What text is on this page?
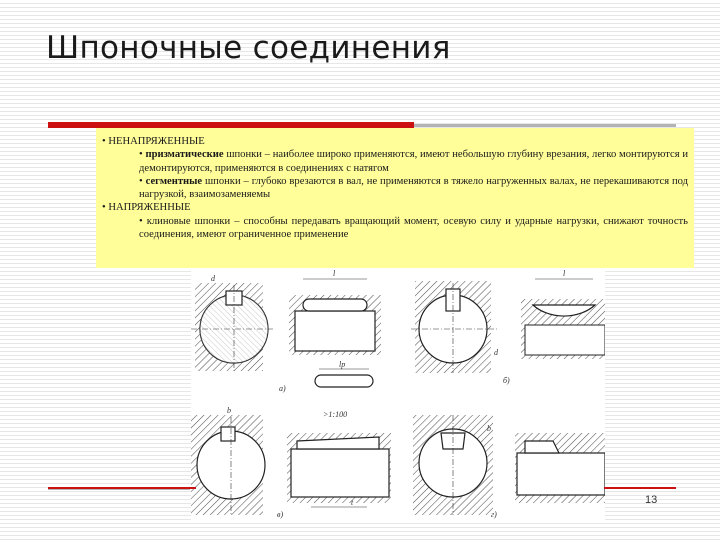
Шпоночные соединения
d
l
d
б)
l
lp
a)
b	>1:100
t
в)
b
г)

• НЕНАПРЯЖЕННЫЕ

• призматические шпонки – наиболее широко применяются, имеют небольшую глубину врезания, легко монтируются и демонтируются, применяются в соединениях с натягом

• сегментные шпонки – глубоко врезаются в вал, не применяются в тяжело нагруженных валах, не перекашиваются под нагрузкой, взаимозаменяемы

• НАПРЯЖЕННЫЕ

• клиновые шпонки – способны передавать вращающий момент, осевую силу и ударные нагрузки, снижают точность соединения, имеют ограниченное применение

13
